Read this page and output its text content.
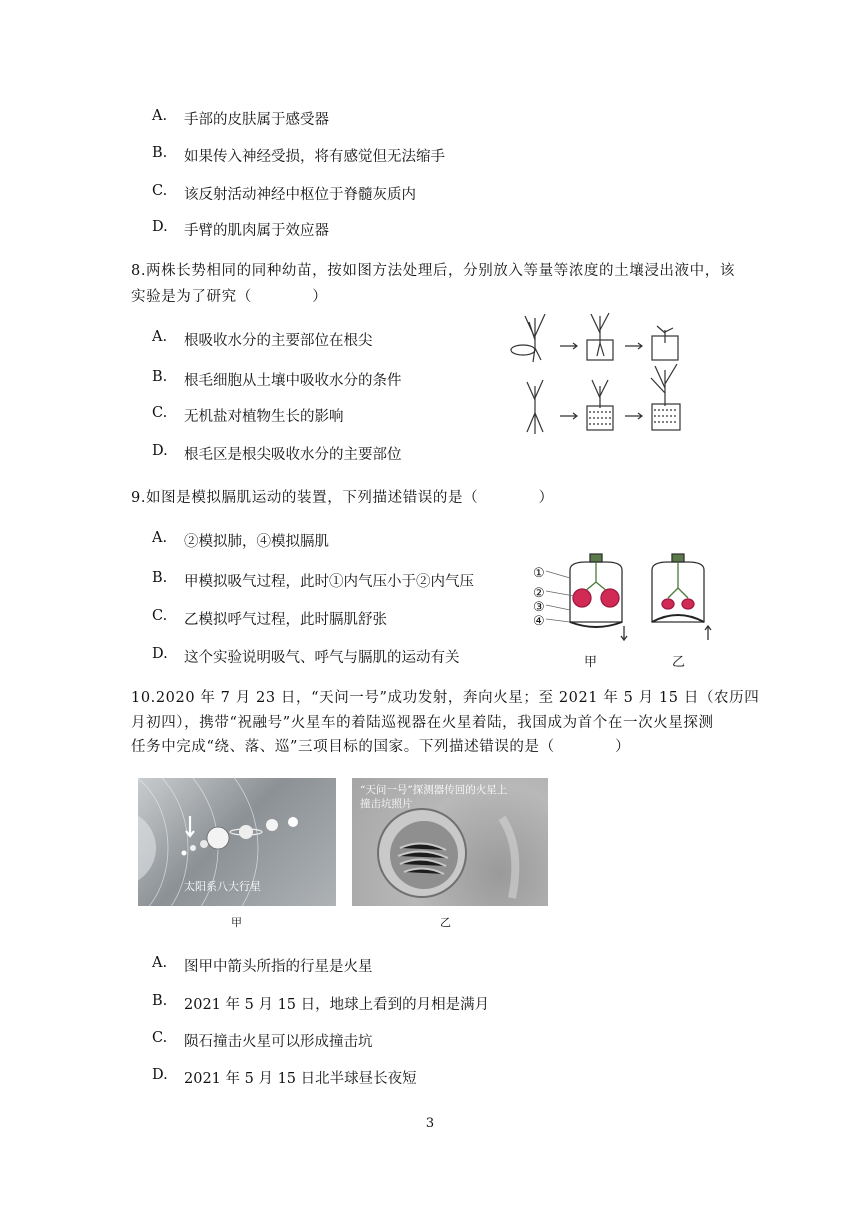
A. 手部的皮肤属于感受器
B. 如果传入神经受损，将有感觉但无法缩手
C. 该反射活动神经中枢位于脊髓灰质内
D. 手臂的肌肉属于效应器
8.两株长势相同的同种幼苗，按如图方法处理后，分别放入等量等浓度的土壤浸出液中，该
实验是为了研究（　　　　）
A. 根吸收水分的主要部位在根尖
B. 根毛细胞从土壤中吸收水分的条件
C. 无机盐对植物生长的影响
D. 根毛区是根尖吸收水分的主要部位
9.如图是模拟膈肌运动的装置，下列描述错误的是（　　　　）
A. ②模拟肺，④模拟膈肌
B. 甲模拟吸气过程，此时①内气压小于②内气压
C. 乙模拟呼气过程，此时膈肌舒张
D. 这个实验说明吸气、呼气与膈肌的运动有关
①
②
③
④
甲	乙
10.2020 年 7 月 23 日，“天问一号”成功发射，奔向火星；至 2021 年 5 月 15 日（农历四
月初四），携带“祝融号”火星车的着陆巡视器在火星着陆，我国成为首个在一次火星探测
任务中完成“绕、落、巡”三项目标的国家。下列描述错误的是（　　　　）
太阳系八大行星
甲
“天问一号”探测器传回的火星上
撞击坑照片
乙
A. 图甲中箭头所指的行星是火星
B. 2021 年 5 月 15 日，地球上看到的月相是满月
C. 陨石撞击火星可以形成撞击坑
D. 2021 年 5 月 15 日北半球昼长夜短
3
